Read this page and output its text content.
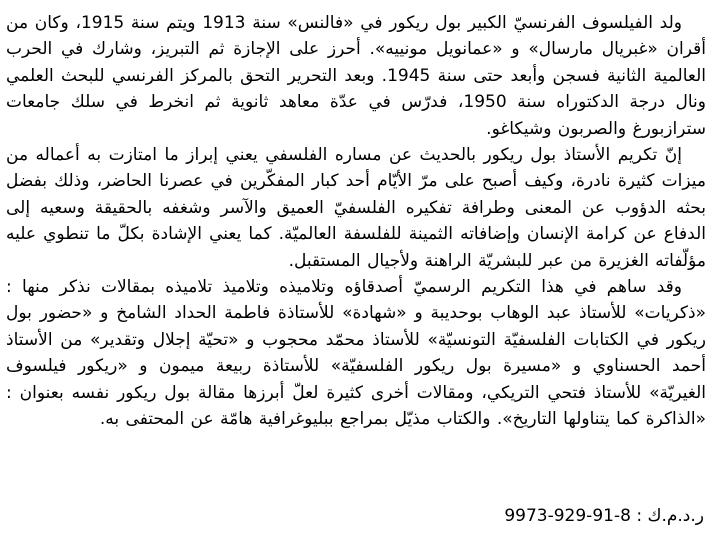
ولد الفيلسوف الفرنسيّ الكبير بول ريكور في «فالنس» سنة 1913 ويتم سنة 1915، وكان من أقران «غبريال مارسال» و «عمانويل مونييه». أحرز على الإجازة ثم التبريز، وشارك في الحرب العالمية الثانية فسجن وأبعد حتى سنة 1945. وبعد التحرير التحق بالمركز الفرنسي للبحث العلمي ونال درجة الدكتوراه سنة 1950، فدرّس في عدّة معاهد ثانوية ثم انخرط في سلك جامعات سترازبورغ والصربون وشيكاغو.

إنّ تكريم الأستاذ بول ريكور بالحديث عن مساره الفلسفي يعني إبراز ما امتازت به أعماله من ميزات كثيرة نادرة، وكيف أصبح على مرّ الأيّام أحد كبار المفكّرين في عصرنا الحاضر، وذلك بفضل بحثه الدؤوب عن المعنى وطرافة تفكيره الفلسفيّ العميق والآسر وشغفه بالحقيقة وسعيه إلى الدفاع عن كرامة الإنسان وإضافاته الثمينة للفلسفة العالميّة. كما يعني الإشادة بكلّ ما تنطوي عليه مؤلّفاته الغزيرة من عبر للبشريّة الراهنة ولأجيال المستقبل.

وقد ساهم في هذا التكريم الرسميّ أصدقاؤه وتلاميذه وتلاميذ تلاميذه بمقالات نذكر منها : «ذكريات» للأستاذ عبد الوهاب بوحديبة و «شهادة» للأستاذة فاطمة الحداد الشامخ و «حضور بول ريكور في الكتابات الفلسفيّة التونسيّة» للأستاذ محمّد محجوب و «تحيّة إجلال وتقدير» من الأستاذ أحمد الحسناوي و «مسيرة بول ريكور الفلسفيّة» للأستاذة ربيعة ميمون و «ريكور فيلسوف الغيريّة» للأستاذ فتحي التريكي، ومقالات أخرى كثيرة لعلّ أبرزها مقالة بول ريكور نفسه بعنوان : «الذاكرة كما يتناولها التاريخ». والكتاب مذيّل بمراجع ببليوغرافية هامّة عن المحتفى به.

ر.د.م.ك : 8-91-929-9973
